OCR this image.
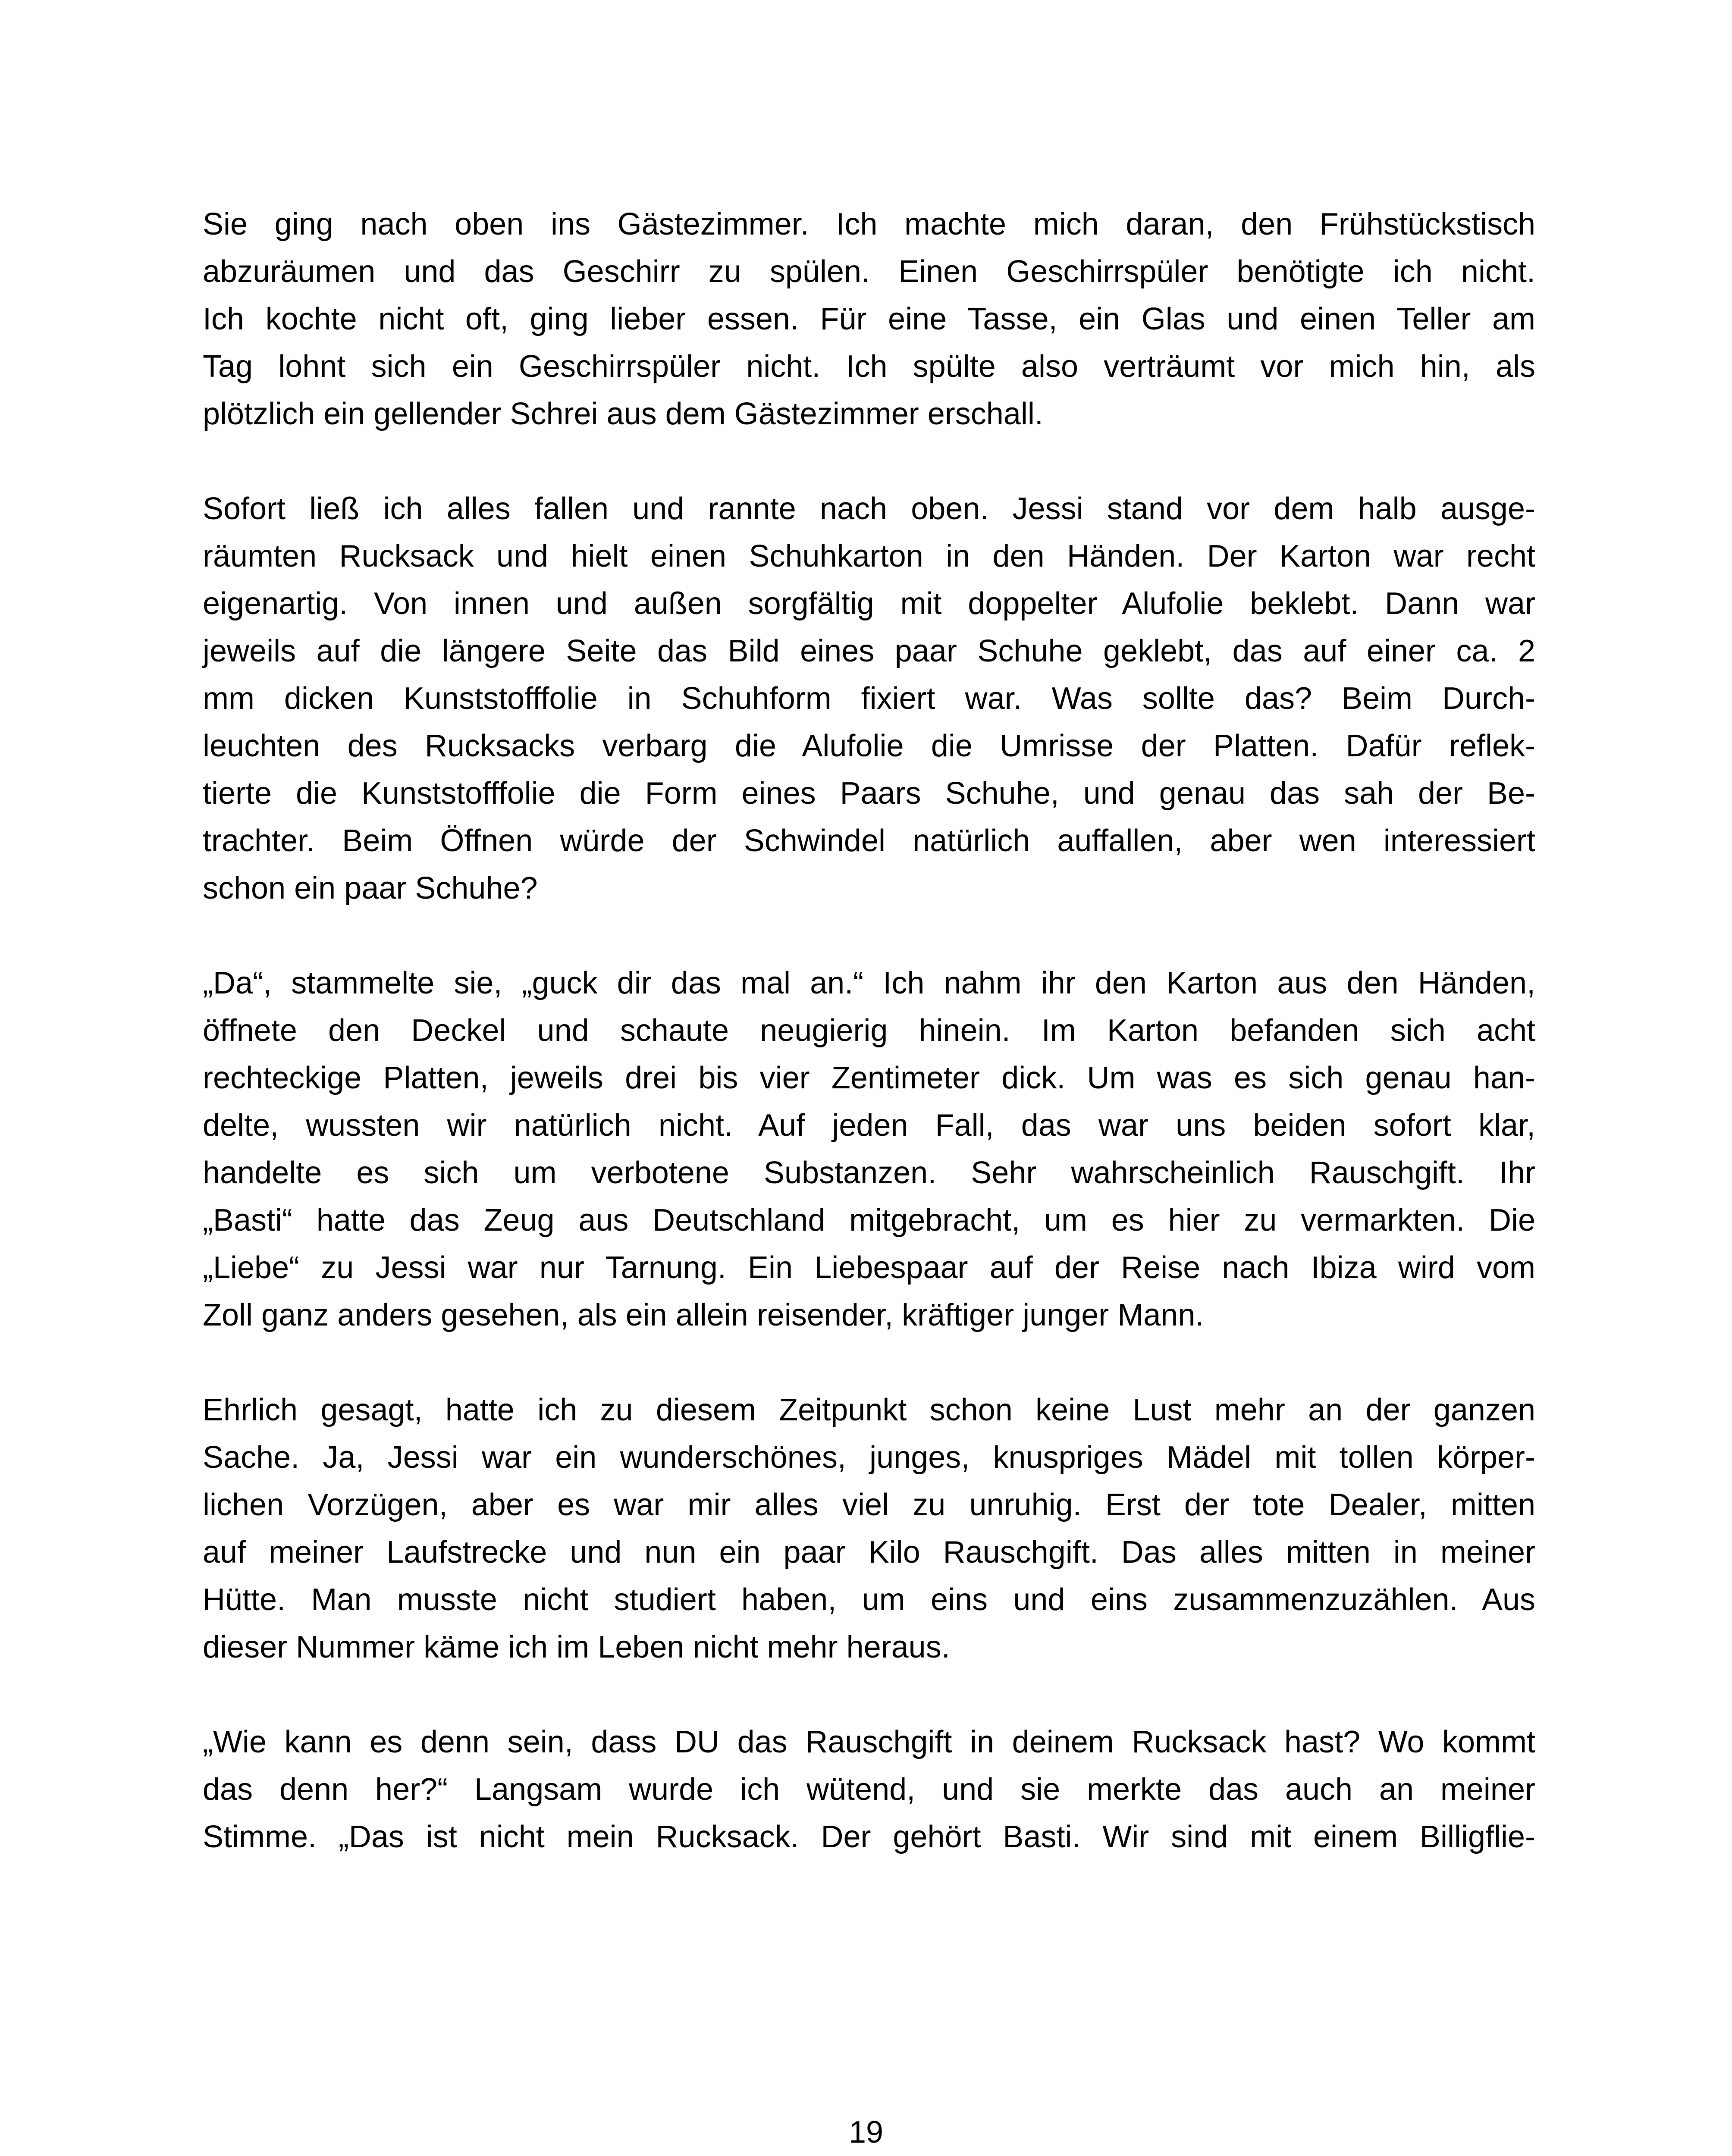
Sie ging nach oben ins Gästezimmer. Ich machte mich daran, den Frühstückstisch
abzuräumen und das Geschirr zu spülen. Einen Geschirrspüler benötigte ich nicht.
Ich kochte nicht oft, ging lieber essen. Für eine Tasse, ein Glas und einen Teller am
Tag lohnt sich ein Geschirrspüler nicht. Ich spülte also verträumt vor mich hin, als
plötzlich ein gellender Schrei aus dem Gästezimmer erschall.

Sofort ließ ich alles fallen und rannte nach oben. Jessi stand vor dem halb ausge-
räumten Rucksack und hielt einen Schuhkarton in den Händen. Der Karton war recht
eigenartig. Von innen und außen sorgfältig mit doppelter Alufolie beklebt. Dann war
jeweils auf die längere Seite das Bild eines paar Schuhe geklebt, das auf einer ca. 2
mm dicken Kunststofffolie in Schuhform fixiert war. Was sollte das? Beim Durch-
leuchten des Rucksacks verbarg die Alufolie die Umrisse der Platten. Dafür reflek-
tierte die Kunststofffolie die Form eines Paars Schuhe, und genau das sah der Be-
trachter. Beim Öffnen würde der Schwindel natürlich auffallen, aber wen interessiert
schon ein paar Schuhe?

„Da“, stammelte sie, „guck dir das mal an.“ Ich nahm ihr den Karton aus den Händen,
öffnete den Deckel und schaute neugierig hinein. Im Karton befanden sich acht
rechteckige Platten, jeweils drei bis vier Zentimeter dick. Um was es sich genau han-
delte, wussten wir natürlich nicht. Auf jeden Fall, das war uns beiden sofort klar,
handelte es sich um verbotene Substanzen. Sehr wahrscheinlich Rauschgift. Ihr
„Basti“ hatte das Zeug aus Deutschland mitgebracht, um es hier zu vermarkten. Die
„Liebe“ zu Jessi war nur Tarnung. Ein Liebespaar auf der Reise nach Ibiza wird vom
Zoll ganz anders gesehen, als ein allein reisender, kräftiger junger Mann.

Ehrlich gesagt, hatte ich zu diesem Zeitpunkt schon keine Lust mehr an der ganzen
Sache. Ja, Jessi war ein wunderschönes, junges, knuspriges Mädel mit tollen körper-
lichen Vorzügen, aber es war mir alles viel zu unruhig. Erst der tote Dealer, mitten
auf meiner Laufstrecke und nun ein paar Kilo Rauschgift. Das alles mitten in meiner
Hütte. Man musste nicht studiert haben, um eins und eins zusammenzuzählen. Aus
dieser Nummer käme ich im Leben nicht mehr heraus.

„Wie kann es denn sein, dass DU das Rauschgift in deinem Rucksack hast? Wo kommt
das denn her?“ Langsam wurde ich wütend, und sie merkte das auch an meiner
Stimme. „Das ist nicht mein Rucksack. Der gehört Basti. Wir sind mit einem Billigflie-

19
